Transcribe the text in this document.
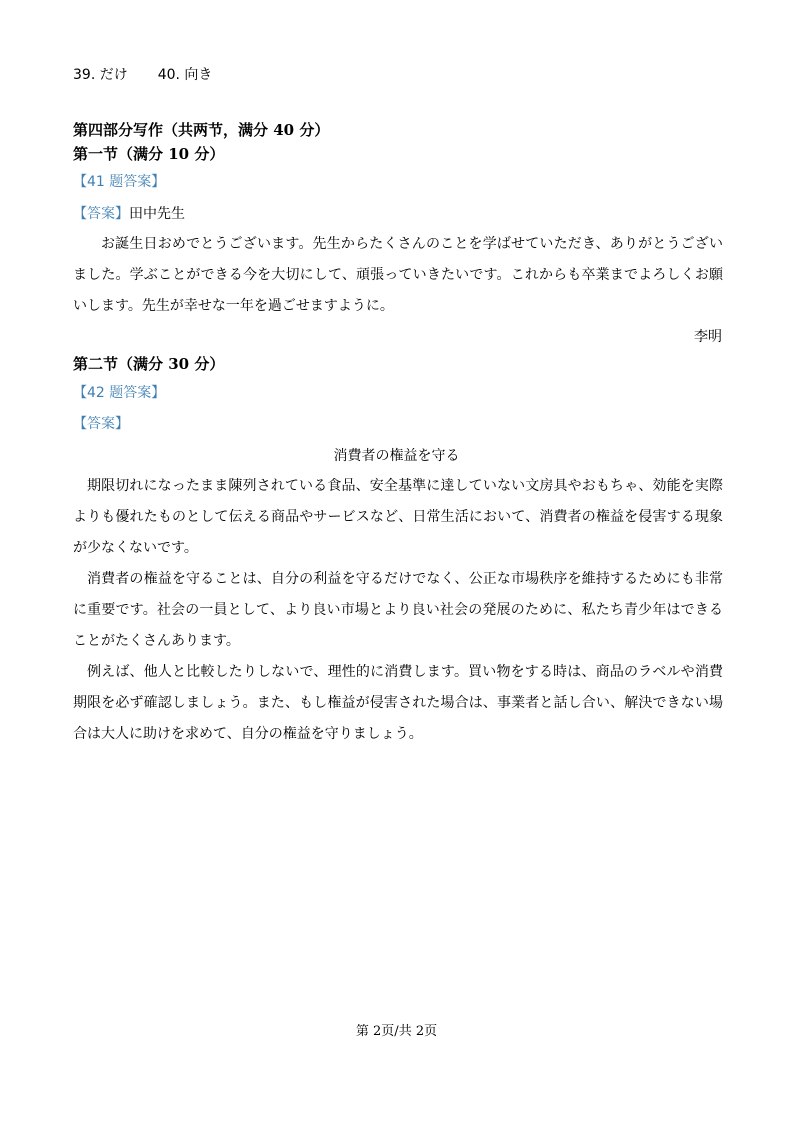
39. だけ 40. 向き
第四部分写作（共两节，满分 40 分）
第一节（满分 10 分）
【41 题答案】
【答案】田中先生

お誕生日おめでとうございます。先生からたくさんのことを学ばせていただき、ありがとうございました。学ぶことができる今を大切にして、頑張っていきたいです。これからも卒業までよろしくお願いします。先生が幸せな一年を過ごせますように。

李明
第二节（满分 30 分）
【42 题答案】
【答案】
消費者の権益を守る

期限切れになったまま陳列されている食品、安全基準に達していない文房具やおもちゃ、効能を実際よりも優れたものとして伝える商品やサービスなど、日常生活において、消費者の権益を侵害する現象が少なくないです。

消費者の権益を守ることは、自分の利益を守るだけでなく、公正な市場秩序を維持するためにも非常に重要です。社会の一員として、より良い市場とより良い社会の発展のために、私たち青少年はできることがたくさんあります。

例えば、他人と比較したりしないで、理性的に消費します。買い物をする時は、商品のラベルや消費期限を必ず確認しましょう。また、もし権益が侵害された場合は、事業者と話し合い、解決できない場合は大人に助けを求めて、自分の権益を守りましょう。

第 2页/共 2页
